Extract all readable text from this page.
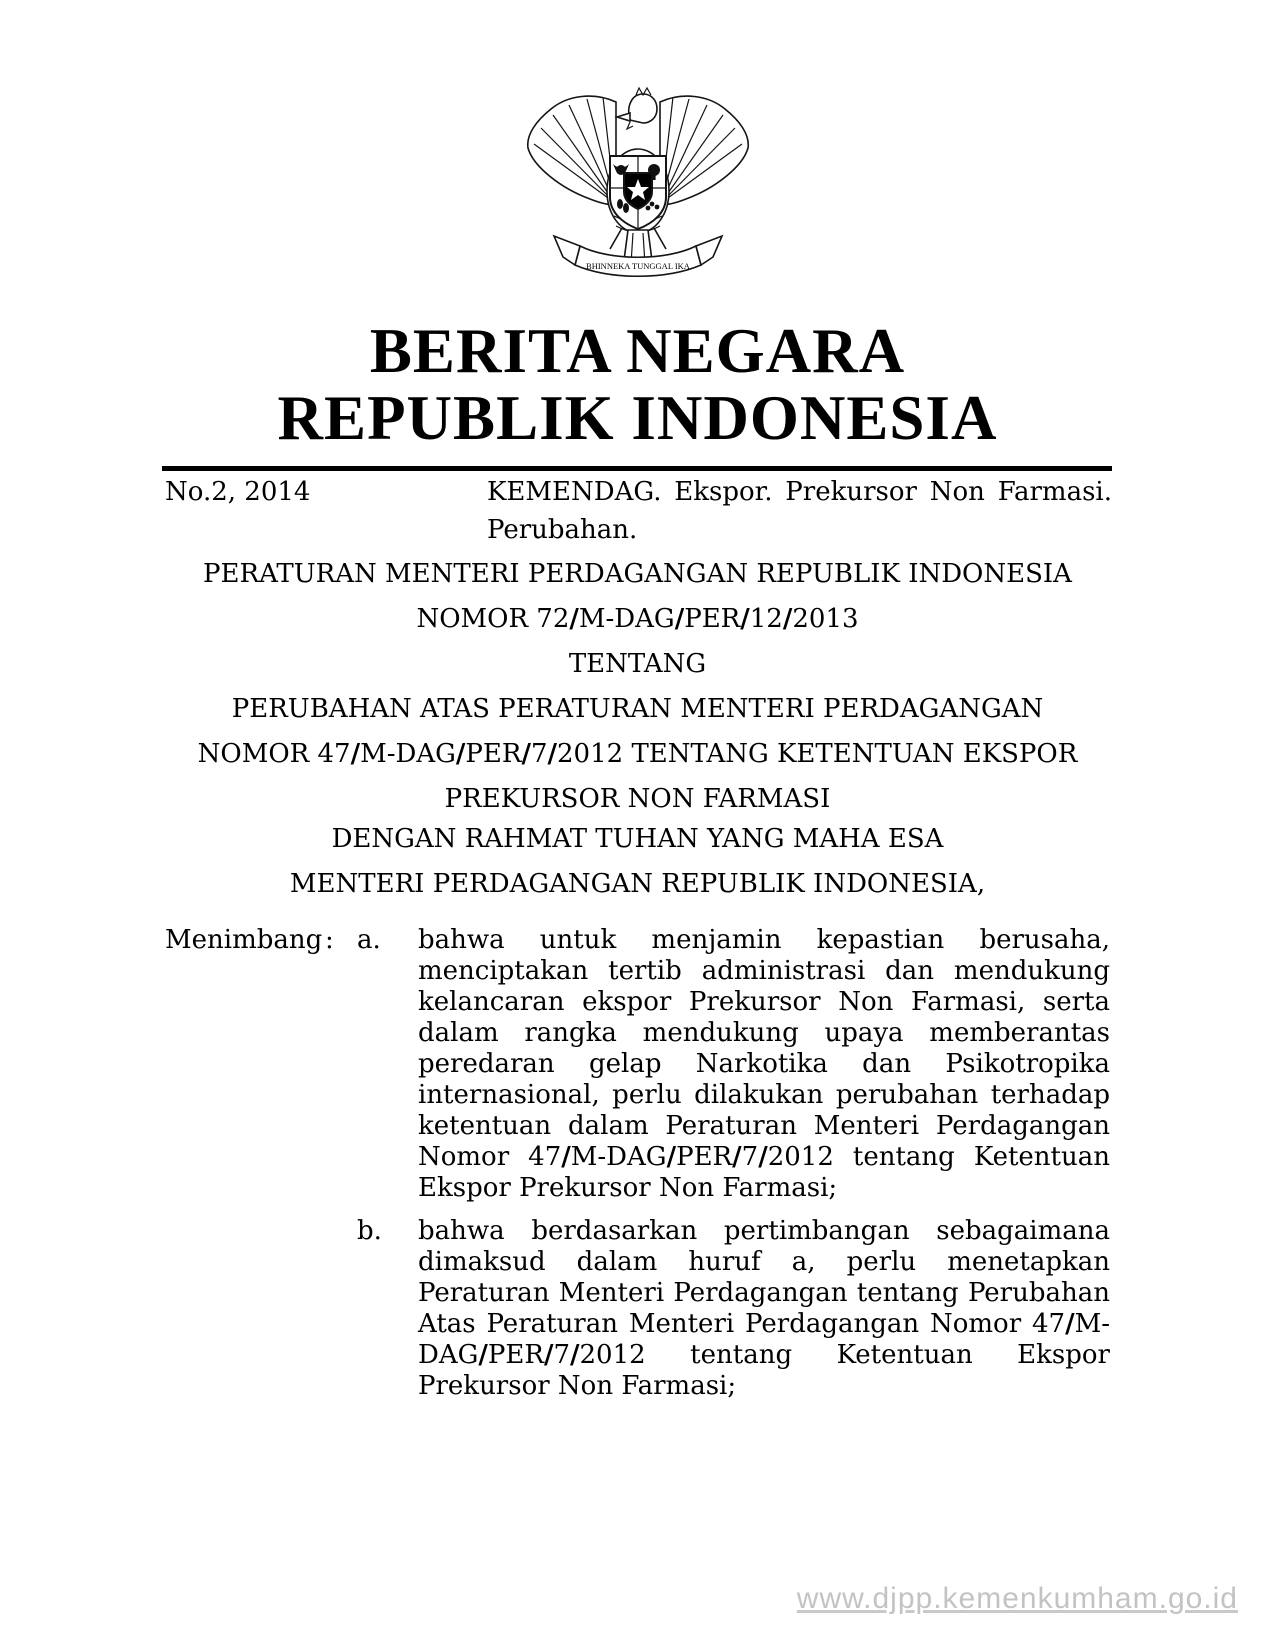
BHINNEKA TUNGGAL IKA
BERITA NEGARA
REPUBLIK INDONESIA
No.2, 2014	KEMENDAG. Ekspor. Prekursor Non Farmasi. Perubahan.
PERATURAN MENTERI PERDAGANGAN REPUBLIK INDONESIA
NOMOR 72/M-DAG/PER/12/2013
TENTANG
PERUBAHAN ATAS PERATURAN MENTERI PERDAGANGAN
NOMOR 47/M-DAG/PER/7/2012 TENTANG KETENTUAN EKSPOR
PREKURSOR NON FARMASI
DENGAN RAHMAT TUHAN YANG MAHA ESA
MENTERI PERDAGANGAN REPUBLIK INDONESIA,
Menimbang : a. bahwa untuk menjamin kepastian berusaha, menciptakan tertib administrasi dan mendukung kelancaran ekspor Prekursor Non Farmasi, serta dalam rangka mendukung upaya memberantas peredaran gelap Narkotika dan Psikotropika internasional, perlu dilakukan perubahan terhadap ketentuan dalam Peraturan Menteri Perdagangan Nomor 47/M-DAG/PER/7/2012 tentang Ketentuan Ekspor Prekursor Non Farmasi;
b. bahwa berdasarkan pertimbangan sebagaimana dimaksud dalam huruf a, perlu menetapkan Peraturan Menteri Perdagangan tentang Perubahan Atas Peraturan Menteri Perdagangan Nomor 47/M-DAG/PER/7/2012 tentang Ketentuan Ekspor Prekursor Non Farmasi;
www.djpp.kemenkumham.go.id
